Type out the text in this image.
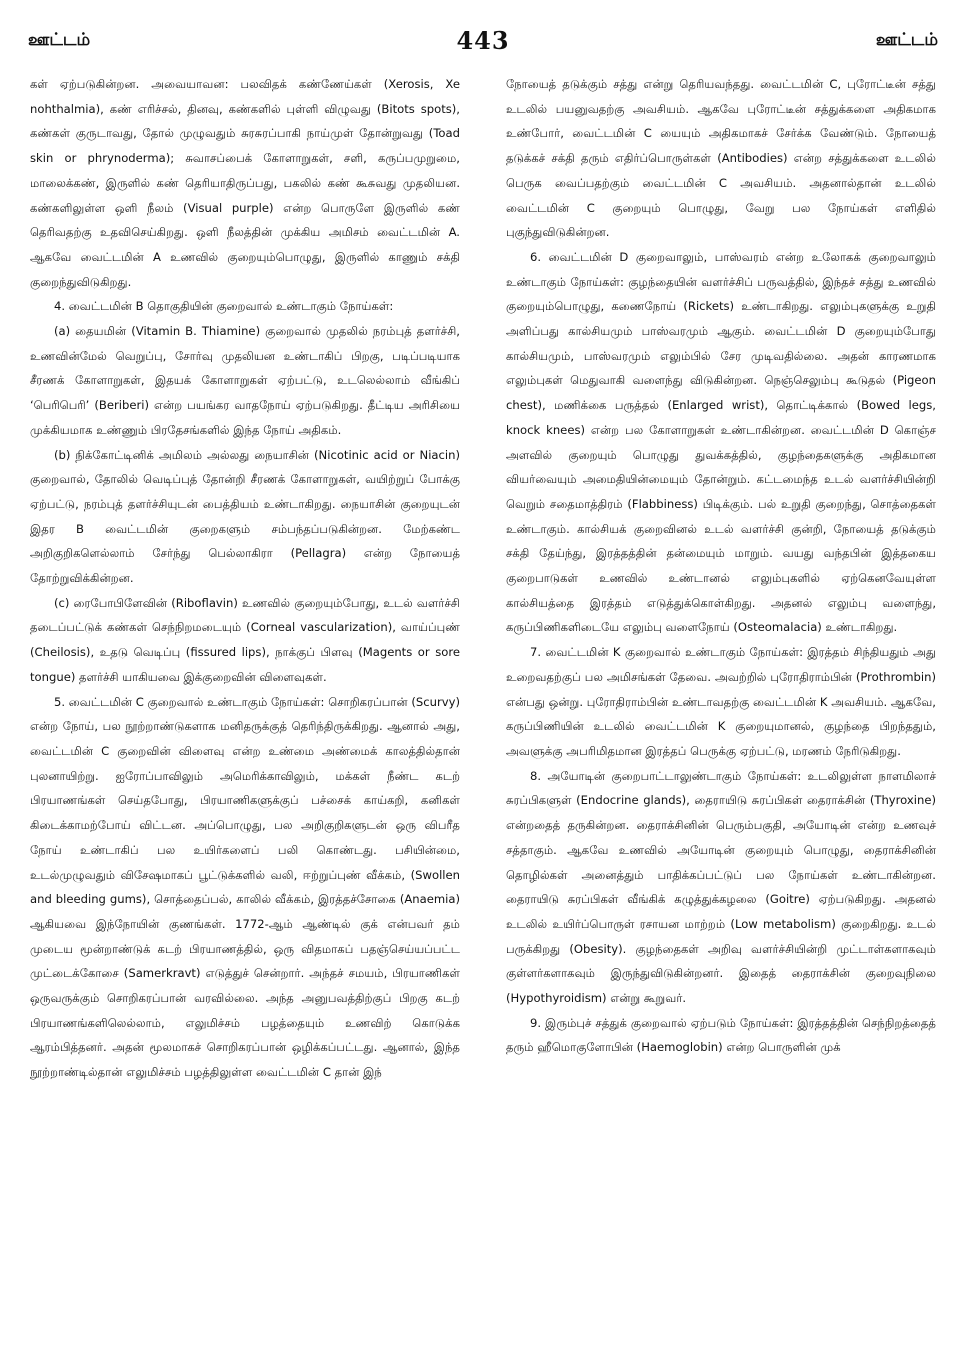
ஊட்டம்	443	ஊட்டம்

கள் ஏற்படுகின்றன. அவையாவன: பலவிதக் கண்ணேய்கள் (Xerosis, Xe nohthalmia), கண் எரிச்சல், தினவு, கண்களில் புள்ளி விழுவது (Bitots spots), கண்கள் குருடாவது, தோல் முழுவதும் சுரசுரப்பாகி நாய்முள் தோன்றுவது (Toad skin or phrynoderma); சுவாசப்பைக் கோளாறுகள், சளி, கருப்பமுறுமை, மாலைக்கண், இருளில் கண் தெரியாதிருப்பது, பகலில் கண் கூசுவது முதலியன. கண்களிலுள்ள ஒளி நீலம் (Visual purple) என்ற பொருளே இருளில் கண் தெரிவதற்கு உதவிசெய்கிறது. ஒளி நீலத்தின் முக்கிய அமிசம் வைட்டமின் A. ஆகவே வைட்டமின் A உணவில் குறையும்பொழுது, இருளில் காணும் சக்தி குறைந்துவிடுகிறது.

4. வைட்டமின் B தொகுதியின் குறைவால் உண்டாகும் நோய்கள்:

(a) தையமின் (Vitamin B. Thiamine) குறைவால் முதலில் நரம்புத் தளர்ச்சி, உணவின்மேல் வெறுப்பு, சோர்வு முதலியன உண்டாகிப் பிறகு, படிப்படியாக சீரணக் கோளாறுகள், இதயக் கோளாறுகள் ஏற்பட்டு, உடலெல்லாம் வீங்கிப் ‘பெரிபெரி’ (Beriberi) என்ற பயங்கர வாதநோய் ஏற்படுகிறது. தீட்டிய அரிசியை முக்கியமாக உண்ணும் பிரதேசங்களில் இந்த நோய் அதிகம்.

(b) நிக்கோட்டினிக் அமிலம் அல்லது நையாசின் (Nicotinic acid or Niacin) குறைவால், தோலில் வெடிப்புத் தோன்றி சீரணக் கோளாறுகள், வயிற்றுப் போக்கு ஏற்பட்டு, நரம்புத் தளர்ச்சியுடன் பைத்தியம் உண்டாகிறது. நையாசின் குறையுடன் இதர B வைட்டமின் குறைகளும் சம்பந்தப்படுகின்றன. மேற்கண்ட அறிகுறிகளெல்லாம் சேர்ந்து பெல்லாகிரா (Pellagra) என்ற நோயைத் தோற்றுவிக்கின்றன.

(c) ரைபோபிளேவின் (Riboflavin) உணவில் குறையும்போது, உடல் வளர்ச்சி தடைப்பட்டுக் கண்கள் செந்நிறமடையும் (Corneal vascularization), வாய்ப்புண் (Cheilosis), உதடு வெடிப்பு (fissured lips), நாக்குப் பிளவு (Magents or sore tongue) தளர்ச்சி யாகியவை இக்குறைவின் விளைவுகள்.

5. வைட்டமின் C குறைவால் உண்டாகும் நோய்கள்: சொறிகரப்பான் (Scurvy) என்ற நோய், பல நூற்றாண்டுகளாக மனிதருக்குத் தெரிந்திருக்கிறது. ஆனால் அது, வைட்டமின் C குறைவின் விளைவு என்ற உண்மை அண்மைக் காலத்தில்தான் புலனாயிற்று. ஐரோப்பாவிலும் அமெரிக்காவிலும், மக்கள் நீண்ட கடற் பிரயாணங்கள் செய்தபோது, பிரயாணிகளுக்குப் பச்சைக் காய்கறி, கனிகள் கிடைக்காமற்போய் விட்டன. அப்பொழுது, பல அறிகுறிகளுடன் ஒரு விபரீத நோய் உண்டாகிப் பல உயிர்களைப் பலி கொண்டது. பசியின்மை, உடல்முழுவதும் விசேஷமாகப் பூட்டுக்களில் வலி, ஈற்றுப்புண் வீக்கம், (Swollen and bleeding gums), சொத்தைப்பல், காலில் வீக்கம், இரத்தச்சோகை (Anaemia) ஆகியவை இந்நோயின் குணங்கள். 1772-ஆம் ஆண்டில் குக் என்பவர் தம் முடைய மூன்றாண்டுக் கடற் பிரயாணத்தில், ஒரு விதமாகப் பதஞ்செய்யப்பட்ட முட்டைக்கோசை (Samerkravt) எடுத்துச் சென்றார். அந்தச் சமயம், பிரயாணிகள் ஒருவருக்கும் சொறிகரப்பான் வரவில்லை. அந்த அனுபவத்திற்குப் பிறகு கடற் பிரயாணங்களிலெல்லாம், எலுமிச்சம் பழத்தையும் உணவிற் கொடுக்க ஆரம்பித்தனர். அதன் மூலமாகச் சொறிகரப்பான் ஒழிக்கப்பட்டது. ஆனால், இந்த நூற்றாண்டில்தான் எலுமிச்சம் பழத்திலுள்ள வைட்டமின் C தான் இந்

நோயைத் தடுக்கும் சத்து என்று தெரியவந்தது. வைட்டமின் C, புரோட்டீன் சத்து உடலில் பயனுவதற்கு அவசியம். ஆகவே புரோட்டீன் சத்துக்களை அதிகமாக உண்போர், வைட்டமின் C யையும் அதிகமாகச் சேர்க்க வேண்டும். நோயைத் தடுக்கச் சக்தி தரும் எதிர்ப்பொருள்கள் (Antibodies) என்ற சத்துக்களை உடலில் பெருக வைப்பதற்கும் வைட்டமின் C அவசியம். அதனால்தான் உடலில் வைட்டமின் C குறையும் பொழுது, வேறு பல நோய்கள் எளிதில் புகுந்துவிடுகின்றன.

6. வைட்டமின் D குறைவாலும், பாஸ்வரம் என்ற உலோகக் குறைவாலும் உண்டாகும் நோய்கள்: குழந்தையின் வளர்ச்சிப் பருவத்தில், இந்தச் சத்து உணவில் குறையும்பொழுது, கணைநோய் (Rickets) உண்டாகிறது. எலும்புகளுக்கு உறுதி அளிப்பது கால்சியமும் பாஸ்வரமும் ஆகும். வைட்டமின் D குறையும்போது கால்சியமும், பாஸ்வரமும் எலும்பில் சேர முடிவதில்லை. அதன் காரணமாக எலும்புகள் மெதுவாகி வளைந்து விடுகின்றன. நெஞ்செலும்பு கூடுதல் (Pigeon chest), மணிக்கை பருத்தல் (Enlarged wrist), தொட்டிக்கால் (Bowed legs, knock knees) என்ற பல கோளாறுகள் உண்டாகின்றன. வைட்டமின் D கொஞ்ச அளவில் குறையும் பொழுது துவக்கத்தில், குழந்தைகளுக்கு அதிகமான வியர்வையும் அமைதியின்மையும் தோன்றும். கட்டமைந்த உடல் வளர்ச்சியின்றி வெறும் சதைமாத்திரம் (Flabbiness) பிடிக்கும். பல் உறுதி குறைந்து, சொத்தைகள் உண்டாகும். கால்சியக் குறைவினல் உடல் வளர்ச்சி குன்றி, நோயைத் தடுக்கும் சக்தி தேய்ந்து, இரத்தத்தின் தன்மையும் மாறும். வயது வந்தபின் இத்தகைய குறைபாடுகள் உணவில் உண்டானல் எலும்புகளில் ஏற்கெனவேயுள்ள கால்சியத்தை இரத்தம் எடுத்துக்கொள்கிறது. அதனல் எலும்பு வளைந்து, கருப்பிணிகளிடையே எலும்பு வளைநோய் (Osteomalacia) உண்டாகிறது.

7. வைட்டமின் K குறைவால் உண்டாகும் நோய்கள்: இரத்தம் சிந்தியதும் அது உறைவதற்குப் பல அமிசங்கள் தேவை. அவற்றில் புரோதிராம்பின் (Prothrombin) என்பது ஒன்று. புரோதிராம்பின் உண்டாவதற்கு வைட்டமின் K அவசியம். ஆகவே, கருப்பிணியின் உடலில் வைட்டமின் K குறையுமானல், குழந்தை பிறந்ததும், அவளுக்கு அபரிமிதமான இரத்தப் பெருக்கு ஏற்பட்டு, மரணம் நேரிடுகிறது.

8. அயோடின் குறைபாட்டாலுண்டாகும் நோய்கள்: உடலிலுள்ள நாளமிலாச் சுரப்பிகளுள் (Endocrine glands), தைராயிடு சுரப்பிகள் தைராக்சின் (Thyroxine) என்றதைத் தருகின்றன. தைராக்சினின் பெரும்பகுதி, அயோடின் என்ற உணவுச் சத்தாகும். ஆகவே உணவில் அயோடின் குறையும் பொழுது, தைராக்சினின் தொழில்கள் அனைத்தும் பாதிக்கப்பட்டுப் பல நோய்கள் உண்டாகின்றன. தைராயிடு சுரப்பிகள் வீங்கிக் கழுத்துக்கழலை (Goitre) ஏற்படுகிறது. அதனல் உடலில் உயிர்ப்பொருள் ரசாயன மாற்றம் (Low metabolism) குறைகிறது. உடல் பருக்கிறது (Obesity). குழந்தைகள் அறிவு வளர்ச்சியின்றி முட்டாள்களாகவும் குள்ளர்களாகவும் இருந்துவிடுகின்றனர். இதைத் தைராக்சின் குறைவுநிலை (Hypothyroidism) என்று கூறுவர்.

9. இரும்புச் சத்துக் குறைவால் ஏற்படும் நோய்கள்: இரத்தத்தின் செந்நிறத்தைத் தரும் ஹீமொகுளோபின் (Haemoglobin) என்ற பொருளின் முக்
